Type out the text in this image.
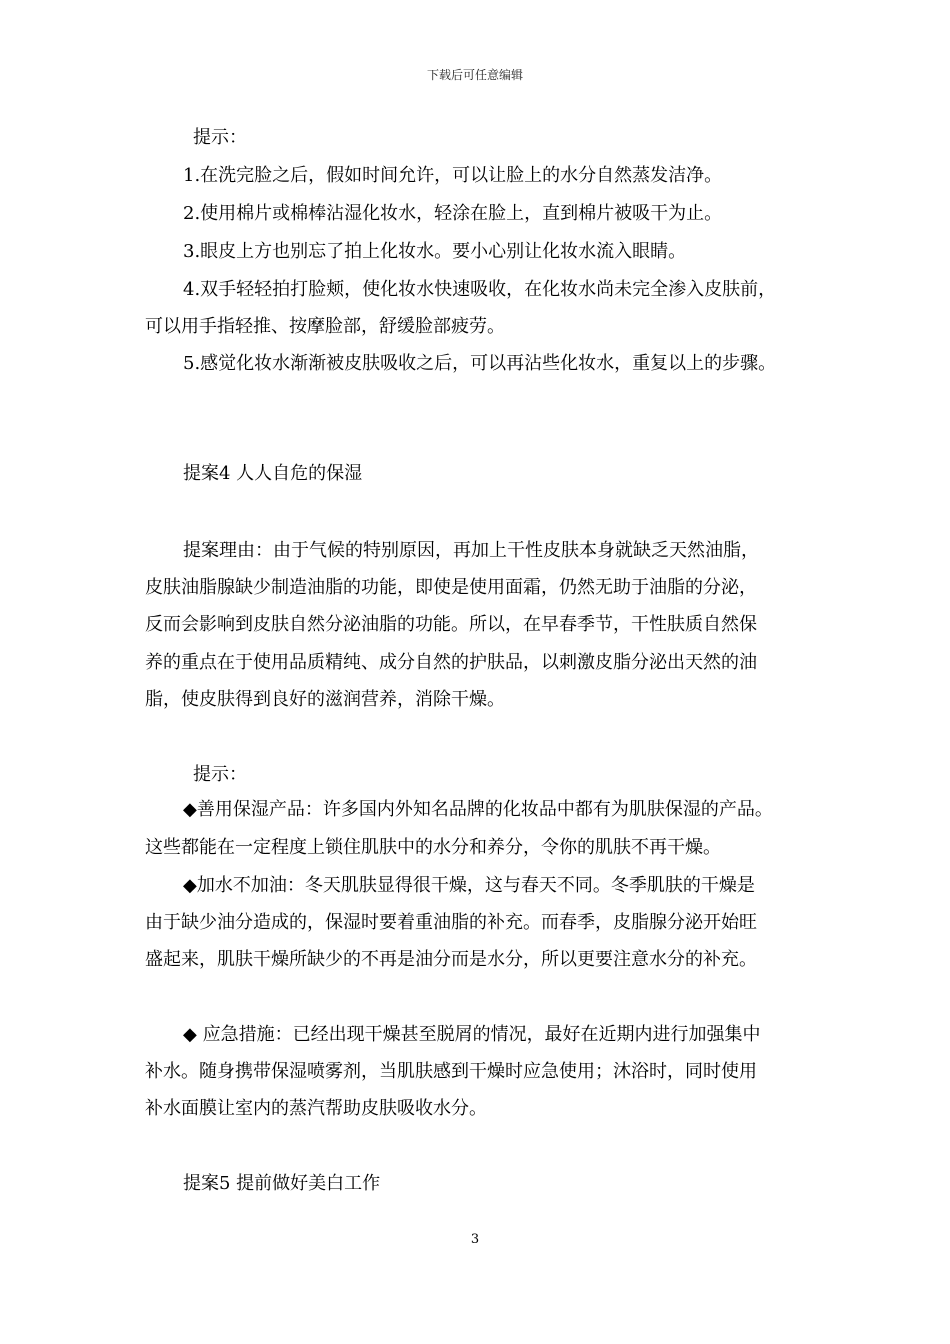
下载后可任意编辑
提示：
1.在洗完脸之后，假如时间允许，可以让脸上的水分自然蒸发洁净。
2.使用棉片或棉棒沾湿化妆水，轻涂在脸上，直到棉片被吸干为止。
3.眼皮上方也别忘了拍上化妆水。要小心别让化妆水流入眼睛。
4.双手轻轻拍打脸颊，使化妆水快速吸收，在化妆水尚未完全渗入皮肤前，
可以用手指轻推、按摩脸部，舒缓脸部疲劳。
5.感觉化妆水渐渐被皮肤吸收之后，可以再沾些化妆水，重复以上的步骤。
提案4 人人自危的保湿
提案理由：由于气候的特别原因，再加上干性皮肤本身就缺乏天然油脂，
皮肤油脂腺缺少制造油脂的功能，即使是使用面霜，仍然无助于油脂的分泌，
反而会影响到皮肤自然分泌油脂的功能。所以，在早春季节，干性肤质自然保
养的重点在于使用品质精纯、成分自然的护肤品，以刺激皮脂分泌出天然的油
脂，使皮肤得到良好的滋润营养，消除干燥。
提示：
◆善用保湿产品：许多国内外知名品牌的化妆品中都有为肌肤保湿的产品。
这些都能在一定程度上锁住肌肤中的水分和养分，令你的肌肤不再干燥。
◆加水不加油：冬天肌肤显得很干燥，这与春天不同。冬季肌肤的干燥是
由于缺少油分造成的，保湿时要着重油脂的补充。而春季，皮脂腺分泌开始旺
盛起来，肌肤干燥所缺少的不再是油分而是水分，所以更要注意水分的补充。
◆ 应急措施：已经出现干燥甚至脱屑的情况，最好在近期内进行加强集中
补水。随身携带保湿喷雾剂，当肌肤感到干燥时应急使用；沐浴时，同时使用
补水面膜让室内的蒸汽帮助皮肤吸收水分。
提案5 提前做好美白工作
3
